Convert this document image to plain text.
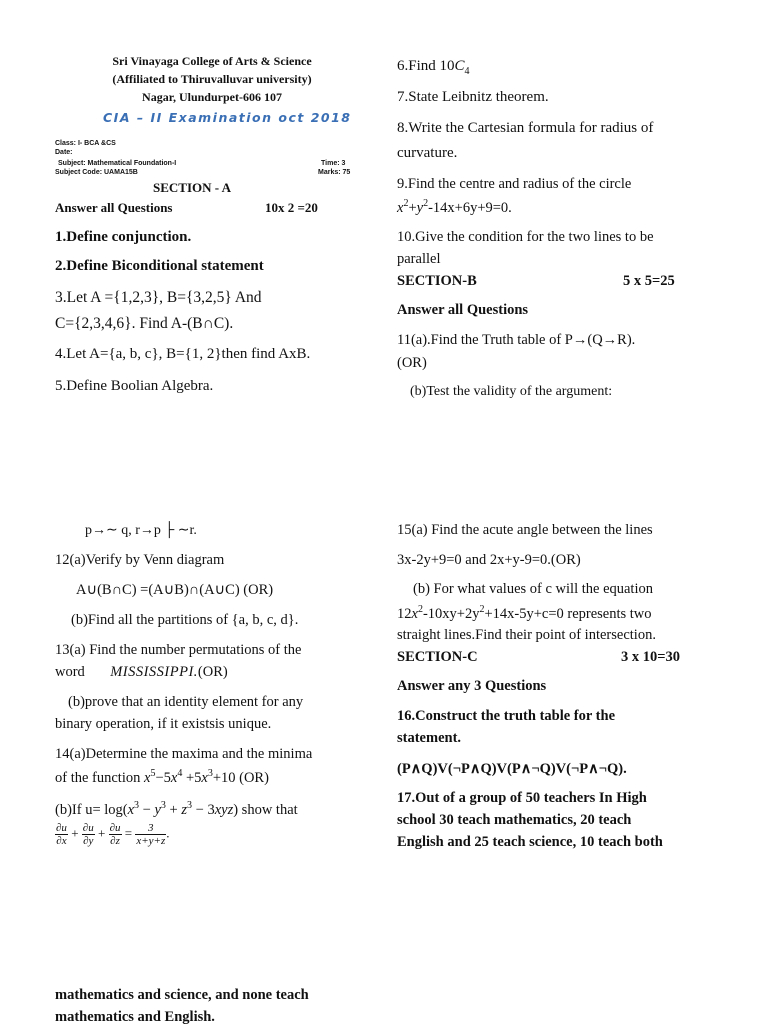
Sri Vinayaga College of Arts & Science
(Affiliated to Thiruvalluvar university)
Nagar, Ulundurpet-606 107
CIA – II Examination oct 2018
Class: I- BCA &CS
Date:
Subject: Mathematical Foundation-I	Time: 3
Subject Code: UAMA15B	Marks: 75
SECTION - A
Answer all Questions	10x 2 =20
1.Define conjunction.
2.Define Biconditional statement
3.Let A ={1,2,3}, B={3,2,5} And
C={2,3,4,6}. Find A-(B∩C).
4.Let A={a, b, c}, B={1, 2}then find AxB.
5.Define Boolian Algebra.
6.Find $10C_4$
7.State Leibnitz theorem.
8.Write the Cartesian formula for radius of
curvature.
9.Find the centre and radius of the circle
$x^2+y^2-14x+6y+9=0$.
10.Give the condition for the two lines to be
parallel
SECTION-B	5 x 5=25
Answer all Questions
11(a).Find the Truth table of P→(Q→R).
(OR)
(b)Test the validity of the argument:
p→∼ q, r→p ├ ∼r.
12(a)Verify by Venn diagram
A∪(B∩C) =(A∪B)∩(A∪C) (OR)
(b)Find all the partitions of {a, b, c, d}.
13(a) Find the number permutations of the
word MISSISSIPPI.(OR)
(b)prove that an identity element for any
binary operation, if it existsis unique.
14(a)Determine the maxima and the minima
of the function $x^5-5x^4 +5x^3+10$ (OR)
(b)If $u= \log(x^3 - y^3 + z^3 - 3xyz)$ show that
$\frac{\partial u}{\partial x} + \frac{\partial u}{\partial y} + \frac{\partial u}{\partial z} = \frac{3}{x+y+z}$ .
15(a) Find the acute angle between the lines
3x-2y+9=0 and 2x+y-9=0.(OR)
(b) For what values of c will the equation
$12x^2-10xy+2y^2+14x-5y+c=0$ represents two
straight lines.Find their point of intersection.
SECTION-C	3 x 10=30
Answer any 3 Questions
16.Construct the truth table for the
statement.
(P∧Q)V(¬P∧Q)V(P∧¬Q)V(¬P∧¬Q).
17.Out of a group of 50 teachers In High
school 30 teach mathematics, 20 teach
English and 25 teach science, 10 teach both
mathematics and science, and none teach
mathematics and English.
